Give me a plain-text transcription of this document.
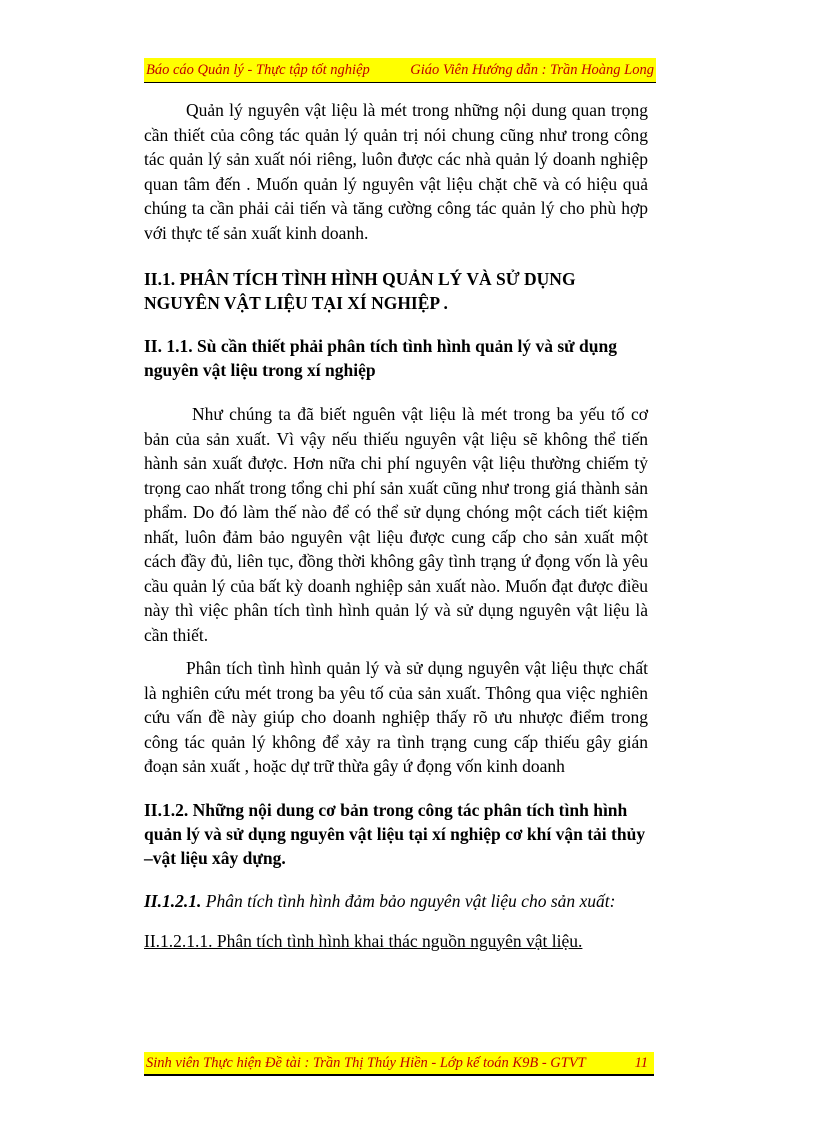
Báo cáo Quản lý - Thực tập tốt nghiệp	Giáo Viên Hướng dẫn : Trần Hoàng Long

Quản lý nguyên vật liệu là mét trong những nội dung quan trọng cần thiết của công tác quản lý quản trị nói chung cũng như trong công tác quản lý sản xuất nói riêng, luôn được các nhà quản lý doanh nghiệp quan tâm đến . Muốn quản lý nguyên vật liệu chặt chẽ và có hiệu quả chúng ta cần phải cải tiến và tăng cường công tác quản lý cho phù hợp với thực tế sản xuất kinh doanh.

II.1. PHÂN TÍCH TÌNH HÌNH QUẢN LÝ VÀ SỬ DỤNG
NGUYÊN VẬT LIỆU TẠI XÍ NGHIỆP .

II. 1.1. Sù cần thiết phải phân tích tình hình quản lý và sử dụng nguyên vật liệu trong xí nghiệp

Như chúng ta đã biết nguên vật liệu là mét trong ba yếu tố cơ bản của sản xuất. Vì vậy nếu thiếu nguyên vật liệu sẽ không thể tiến hành sản xuất được. Hơn nữa chi phí nguyên vật liệu thường chiếm tỷ trọng cao nhất trong tổng chi phí sản xuất cũng như trong giá thành sản phẩm. Do đó làm thế nào để có thể sử dụng chóng một cách tiết kiệm nhất, luôn đảm bảo nguyên vật liệu được cung cấp cho sản xuất một cách đầy đủ, liên tục, đồng thời không gây tình trạng ứ đọng vốn là yêu cầu quản lý của bất kỳ doanh nghiệp sản xuất nào. Muốn đạt được điều này thì việc phân tích tình hình quản lý và sử dụng nguyên vật liệu là cần thiết.

Phân tích tình hình quản lý và sử dụng nguyên vật liệu thực chất là nghiên cứu mét trong ba yêu tố của sản xuất. Thông qua việc nghiên cứu vấn đề này giúp cho doanh nghiệp thấy rõ ưu nhược điểm trong công tác quản lý không để xảy ra tình trạng cung cấp thiếu gây gián đoạn sản xuất , hoặc dự trữ thừa gây ứ đọng vốn kinh doanh

II.1.2. Những nội dung cơ bản trong công tác phân tích tình hình quản lý và sử dụng nguyên vật liệu tại xí nghiệp cơ khí vận tải thủy –vật liệu xây dựng.

II.1.2.1. Phân tích tình hình đảm bảo nguyên vật liệu cho sản xuất:

II.1.2.1.1. Phân tích tình hình khai thác nguồn nguyên vật liệu.

Sinh viên Thực hiện Đề tài : Trần Thị Thúy Hiền - Lớp kế toán K9B - GTVT	11
